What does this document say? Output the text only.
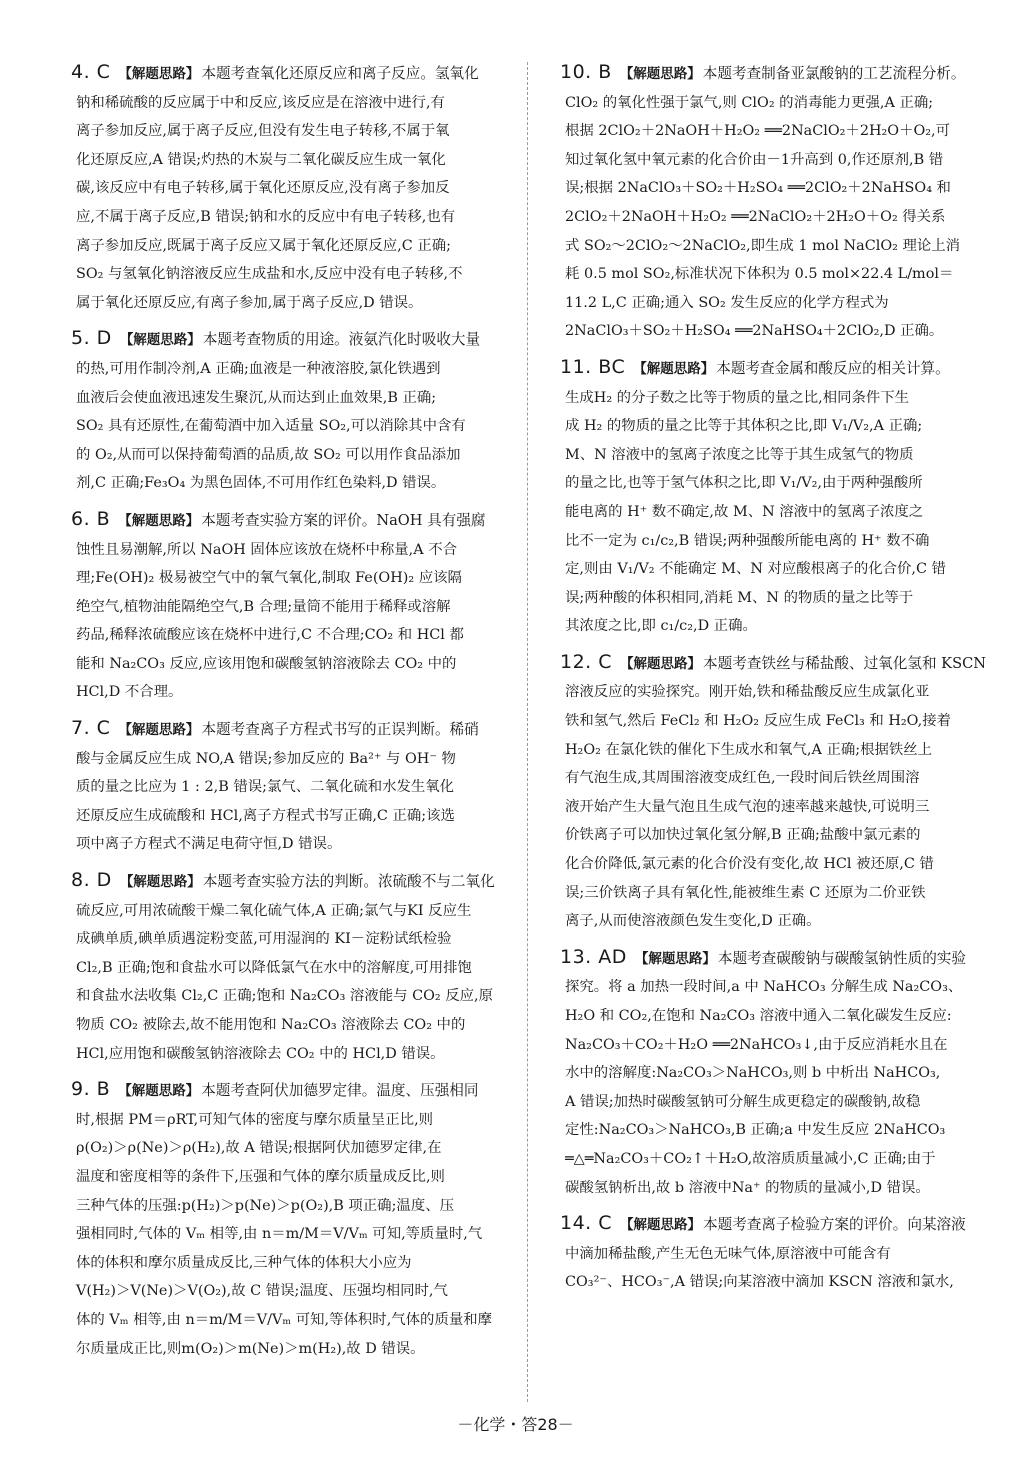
4. C 【解题思路】 本题考查氧化还原反应和离子反应。氢氧化
钠和稀硫酸的反应属于中和反应,该反应是在溶液中进行,有
离子参加反应,属于离子反应,但没有发生电子转移,不属于氧
化还原反应,A 错误;灼热的木炭与二氧化碳反应生成一氧化
碳,该反应中有电子转移,属于氧化还原反应,没有离子参加反
应,不属于离子反应,B 错误;钠和水的反应中有电子转移,也有
离子参加反应,既属于离子反应又属于氧化还原反应,C 正确;
SO₂ 与氢氧化钠溶液反应生成盐和水,反应中没有电子转移,不
属于氧化还原反应,有离子参加,属于离子反应,D 错误。
5. D 【解题思路】 本题考查物质的用途。液氨汽化时吸收大量
的热,可用作制冷剂,A 正确;血液是一种液溶胶,氯化铁遇到
血液后会使血液迅速发生聚沉,从而达到止血效果,B 正确;
SO₂ 具有还原性,在葡萄酒中加入适量 SO₂,可以消除其中含有
的 O₂,从而可以保持葡萄酒的品质,故 SO₂ 可以用作食品添加
剂,C 正确;Fe₃O₄ 为黑色固体,不可用作红色染料,D 错误。
6. B 【解题思路】 本题考查实验方案的评价。NaOH 具有强腐
蚀性且易潮解,所以 NaOH 固体应该放在烧杯中称量,A 不合
理;Fe(OH)₂ 极易被空气中的氧气氧化,制取 Fe(OH)₂ 应该隔
绝空气,植物油能隔绝空气,B 合理;量筒不能用于稀释或溶解
药品,稀释浓硫酸应该在烧杯中进行,C 不合理;CO₂ 和 HCl 都
能和 Na₂CO₃ 反应,应该用饱和碳酸氢钠溶液除去 CO₂ 中的
HCl,D 不合理。
7. C 【解题思路】 本题考查离子方程式书写的正误判断。稀硝
酸与金属反应生成 NO,A 错误;参加反应的 Ba²⁺ 与 OH⁻ 物
质的量之比应为 1 : 2,B 错误;氯气、二氧化硫和水发生氧化
还原反应生成硫酸和 HCl,离子方程式书写正确,C 正确;该选
项中离子方程式不满足电荷守恒,D 错误。
8. D 【解题思路】 本题考查实验方法的判断。浓硫酸不与二氧化
硫反应,可用浓硫酸干燥二氧化硫气体,A 正确;氯气与KI 反应生
成碘单质,碘单质遇淀粉变蓝,可用湿润的 KI－淀粉试纸检验
Cl₂,B 正确;饱和食盐水可以降低氯气在水中的溶解度,可用排饱
和食盐水法收集 Cl₂,C 正确;饱和 Na₂CO₃ 溶液能与 CO₂ 反应,原
物质 CO₂ 被除去,故不能用饱和 Na₂CO₃ 溶液除去 CO₂ 中的
HCl,应用饱和碳酸氢钠溶液除去 CO₂ 中的 HCl,D 错误。
9. B 【解题思路】 本题考查阿伏加德罗定律。温度、压强相同
时,根据 PM＝ρRT,可知气体的密度与摩尔质量呈正比,则
ρ(O₂)＞ρ(Ne)＞ρ(H₂),故 A 错误;根据阿伏加德罗定律,在
温度和密度相等的条件下,压强和气体的摩尔质量成反比,则
三种气体的压强:p(H₂)＞p(Ne)＞p(O₂),B 项正确;温度、压
强相同时,气体的 Vₘ 相等,由 n＝m/M＝V/Vₘ 可知,等质量时,气
体的体积和摩尔质量成反比,三种气体的体积大小应为
V(H₂)＞V(Ne)＞V(O₂),故 C 错误;温度、压强均相同时,气
体的 Vₘ 相等,由 n＝m/M＝V/Vₘ 可知,等体积时,气体的质量和摩
尔质量成正比,则m(O₂)＞m(Ne)＞m(H₂),故 D 错误。
10. B 【解题思路】 本题考查制备亚氯酸钠的工艺流程分析。
ClO₂ 的氧化性强于氯气,则 ClO₂ 的消毒能力更强,A 正确;
根据 2ClO₂＋2NaOH＋H₂O₂ ══2NaClO₂＋2H₂O＋O₂,可
知过氧化氢中氧元素的化合价由－1升高到 0,作还原剂,B 错
误;根据 2NaClO₃＋SO₂＋H₂SO₄ ══2ClO₂＋2NaHSO₄ 和
2ClO₂＋2NaOH＋H₂O₂ ══2NaClO₂＋2H₂O＋O₂ 得关系
式 SO₂～2ClO₂～2NaClO₂,即生成 1 mol NaClO₂ 理论上消
耗 0.5 mol SO₂,标准状况下体积为 0.5 mol×22.4 L/mol＝
11.2 L,C 正确;通入 SO₂ 发生反应的化学方程式为
2NaClO₃＋SO₂＋H₂SO₄ ══2NaHSO₄＋2ClO₂,D 正确。
11. BC 【解题思路】 本题考查金属和酸反应的相关计算。
生成H₂ 的分子数之比等于物质的量之比,相同条件下生
成 H₂ 的物质的量之比等于其体积之比,即 V₁/V₂,A 正确;
M、N 溶液中的氢离子浓度之比等于其生成氢气的物质
的量之比,也等于氢气体积之比,即 V₁/V₂,由于两种强酸所
能电离的 H⁺ 数不确定,故 M、N 溶液中的氢离子浓度之
比不一定为 c₁/c₂,B 错误;两种强酸所能电离的 H⁺ 数不确
定,则由 V₁/V₂ 不能确定 M、N 对应酸根离子的化合价,C 错
误;两种酸的体积相同,消耗 M、N 的物质的量之比等于
其浓度之比,即 c₁/c₂,D 正确。
12. C 【解题思路】 本题考查铁丝与稀盐酸、过氧化氢和 KSCN
溶液反应的实验探究。刚开始,铁和稀盐酸反应生成氯化亚
铁和氢气,然后 FeCl₂ 和 H₂O₂ 反应生成 FeCl₃ 和 H₂O,接着
H₂O₂ 在氯化铁的催化下生成水和氧气,A 正确;根据铁丝上
有气泡生成,其周围溶液变成红色,一段时间后铁丝周围溶
液开始产生大量气泡且生成气泡的速率越来越快,可说明三
价铁离子可以加快过氧化氢分解,B 正确;盐酸中氯元素的
化合价降低,氯元素的化合价没有变化,故 HCl 被还原,C 错
误;三价铁离子具有氧化性,能被维生素 C 还原为二价亚铁
离子,从而使溶液颜色发生变化,D 正确。
13. AD 【解题思路】 本题考查碳酸钠与碳酸氢钠性质的实验
探究。将 a 加热一段时间,a 中 NaHCO₃ 分解生成 Na₂CO₃、
H₂O 和 CO₂,在饱和 Na₂CO₃ 溶液中通入二氧化碳发生反应:
Na₂CO₃＋CO₂＋H₂O ══2NaHCO₃↓,由于反应消耗水且在
水中的溶解度:Na₂CO₃＞NaHCO₃,则 b 中析出 NaHCO₃,
A 错误;加热时碳酸氢钠可分解生成更稳定的碳酸钠,故稳
定性:Na₂CO₃＞NaHCO₃,B 正确;a 中发生反应 2NaHCO₃
═△═Na₂CO₃＋CO₂↑＋H₂O,故溶质质量减小,C 正确;由于
碳酸氢钠析出,故 b 溶液中Na⁺ 的物质的量减小,D 错误。
14. C 【解题思路】 本题考查离子检验方案的评价。向某溶液
中滴加稀盐酸,产生无色无味气体,原溶液中可能含有
CO₃²⁻、HCO₃⁻,A 错误;向某溶液中滴加 KSCN 溶液和氯水,
－化学・答28－
